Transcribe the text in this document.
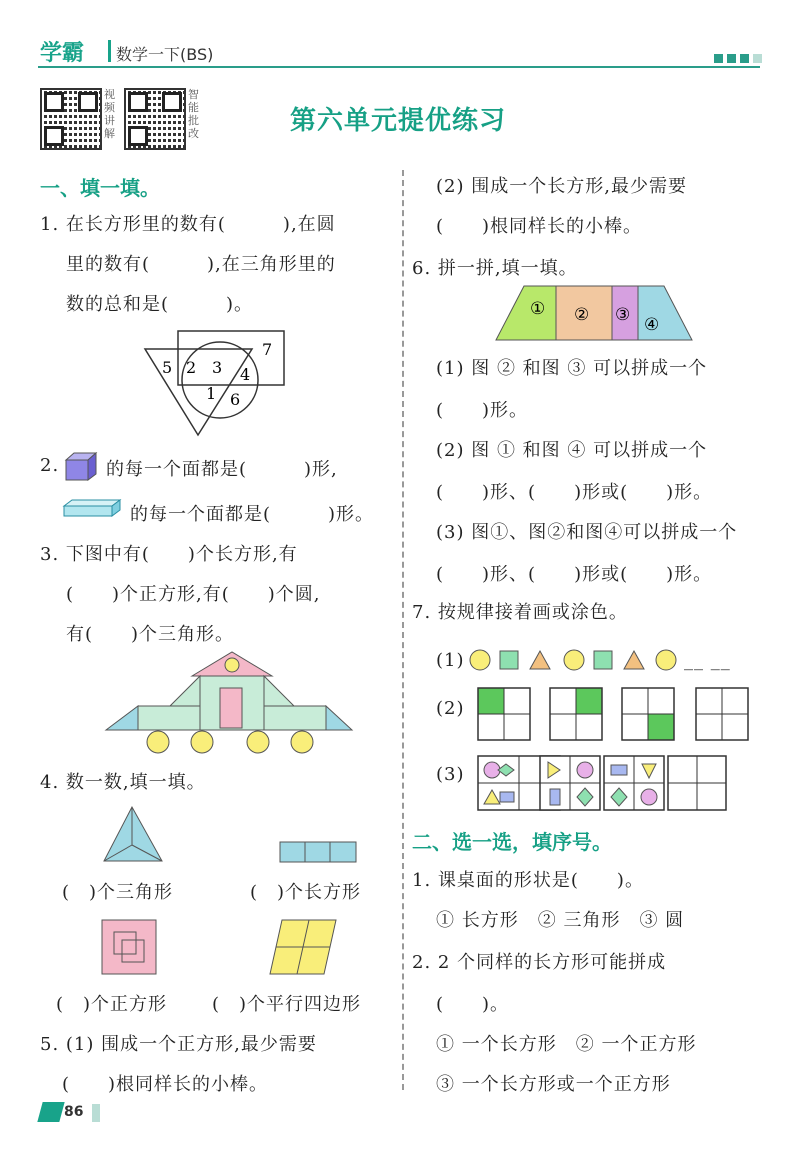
学霸 数学一下(BS)
视频讲解
智能批改	第六单元提优练习
一、填一填。
1. 在长方形里的数有(　　　),在圆
里的数有(　　　),在三角形里的
数的总和是(　　　)。
5 2 3 4
7
1 6
2.	的每一个面都是(　　　)形,
的每一个面都是(　　　)形。
3. 下图中有(　　)个长方形,有
(　　)个正方形,有(　　)个圆,
有(　　)个三角形。
4. 数一数,填一填。
(　)个三角形	(　)个长方形
(　)个正方形 (　)个平行四边形
5. (1) 围成一个正方形,最少需要
(　　)根同样长的小棒。
(2) 围成一个长方形,最少需要
(　　)根同样长的小棒。
6. 拼一拼,填一填。
① ② ③ ④
(1) 图 ② 和图 ③ 可以拼成一个
(　　)形。
(2) 图 ① 和图 ④ 可以拼成一个
(　　)形、(　　)形或(　　)形。
(3) 图①、图②和图④可以拼成一个
(　　)形、(　　)形或(　　)形。
7. 按规律接着画或涂色。
(1)	__ __
(2)
(3)
二、选一选，填序号。
1. 课桌面的形状是(　　)。
① 长方形　② 三角形　③ 圆
2. 2 个同样的长方形可能拼成
(　　)。
① 一个长方形　② 一个正方形
③ 一个长方形或一个正方形
86
